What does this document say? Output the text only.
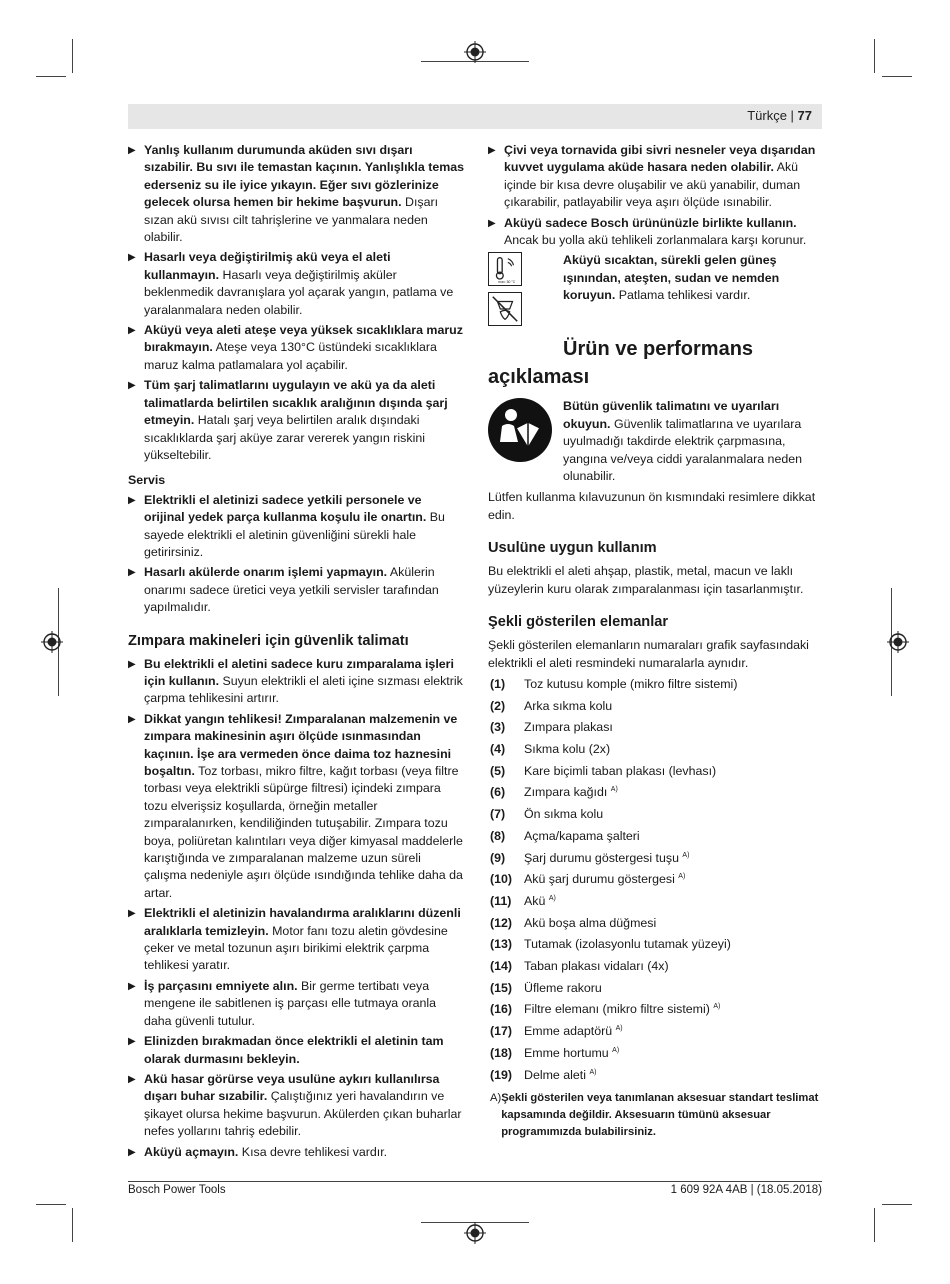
Türkçe | 77
▶ Yanlış kullanım durumunda aküden sıvı dışarı sızabilir. Bu sıvı ile temastan kaçının. Yanlışlıkla temas ederseniz su ile iyice yıkayın. Eğer sıvı gözlerinize gelecek olursa hemen bir hekime başvurun. Dışarı sızan akü sıvısı cilt tahrişlerine ve yanmalara neden olabilir.
▶ Hasarlı veya değiştirilmiş akü veya el aleti kullanmayın. Hasarlı veya değiştirilmiş aküler beklenmedik davranışlara yol açarak yangın, patlama ve yaralanmalara neden olabilir.
▶ Aküyü veya aleti ateşe veya yüksek sıcaklıklara maruz bırakmayın. Ateşe veya 130°C üstündeki sıcaklıklara maruz kalma patlamalara yol açabilir.
▶ Tüm şarj talimatlarını uygulayın ve akü ya da aleti talimatlarda belirtilen sıcaklık aralığının dışında şarj etmeyin. Hatalı şarj veya belirtilen aralık dışındaki sıcaklıklarda şarj aküye zarar vererek yangın riskini yükseltebilir.
Servis
▶ Elektrikli el aletinizi sadece yetkili personele ve orijinal yedek parça kullanma koşulu ile onartın. Bu sayede elektrikli el aletinin güvenliğini sürekli hale getirirsiniz.
▶ Hasarlı akülerde onarım işlemi yapmayın. Akülerin onarımı sadece üretici veya yetkili servisler tarafından yapılmalıdır.
Zımpara makineleri için güvenlik talimatı
▶ Bu elektrikli el aletini sadece kuru zımparalama işleri için kullanın. Suyun elektrikli el aleti içine sızması elektrik çarpma tehlikesini artırır.
▶ Dikkat yangın tehlikesi! Zımparalanan malzemenin ve zımpara makinesinin aşırı ölçüde ısınmasından kaçınıın. İşe ara vermeden önce daima toz haznesini boşaltın. Toz torbası, mikro filtre, kağıt torbası (veya filtre torbası veya elektrikli süpürge filtresi) içindeki zımpara tozu elverişsiz koşullarda, örneğin metaller zımparalanırken, kendiliğinden tutuşabilir. Zımpara tozu boya, poliüretan kalıntıları veya diğer kimyasal maddelerle karıştığında ve zımparalanan malzeme uzun süreli çalışma nedeniyle aşırı ölçüde ısındığında tehlike daha da artar.
▶ Elektrikli el aletinizin havalandırma aralıklarını düzenli aralıklarla temizleyin. Motor fanı tozu aletin gövdesine çeker ve metal tozunun aşırı birikimi elektrik çarpma tehlikesi yaratır.
▶ İş parçasını emniyete alın. Bir germe tertibatı veya mengene ile sabitlenen iş parçası elle tutmaya oranla daha güvenli tutulur.
▶ Elinizden bırakmadan önce elektrikli el aletinin tam olarak durmasını bekleyin.
▶ Akü hasar görürse veya usulüne aykırı kullanılırsa dışarı buhar sızabilir. Çalıştığınız yeri havalandırın ve şikayet olursa hekime başvurun. Akülerden çıkan buharlar nefes yollarını tahriş edebilir.
▶ Aküyü açmayın. Kısa devre tehlikesi vardır.
▶ Çivi veya tornavida gibi sivri nesneler veya dışarıdan kuvvet uygulama aküde hasara neden olabilir. Akü içinde bir kısa devre oluşabilir ve akü yanabilir, duman çıkarabilir, patlayabilir veya aşırı ölçüde ısınabilir.
▶ Aküyü sadece Bosch ürününüzle birlikte kullanın. Ancak bu yolla akü tehlikeli zorlanmalara karşı korunur.
max. 50 °C
Aküyü sıcaktan, sürekli gelen güneş ışınından, ateşten, sudan ve nemden koruyun. Patlama tehlikesi vardır.
Ürün ve performans
açıklaması
Bütün güvenlik talimatını ve uyarıları okuyun. Güvenlik talimatlarına ve uyarılara uyulmadığı takdirde elektrik çarpmasına, yangına ve/veya ciddi yaralanmalara neden olunabilir.

Lütfen kullanma kılavuzunun ön kısmındaki resimlere dikkat edin.

Usulüne uygun kullanım

Bu elektrikli el aleti ahşap, plastik, metal, macun ve laklı yüzeylerin kuru olarak zımparalanması için tasarlanmıştır.

Şekli gösterilen elemanlar

Şekli gösterilen elemanların numaraları grafik sayfasındaki elektrikli el aleti resmindeki numaralarla aynıdır.

(1)	Toz kutusu komple (mikro filtre sistemi)
(2)	Arka sıkma kolu
(3)	Zımpara plakası
(4)	Sıkma kolu (2x)
(5)	Kare biçimli taban plakası (levhası)
(6)	Zımpara kağıdı $^{A)}$
(7)	Ön sıkma kolu
(8)	Açma/kapama şalteri
(9)	Şarj durumu göstergesi tuşu $^{A)}$
(10) Akü şarj durumu göstergesi $^{A)}$
(11)	Akü $^{A)}$
(12) Akü boşa alma düğmesi
(13) Tutamak (izolasyonlu tutamak yüzeyi)
(14) Taban plakası vidaları (4x)
(15) Üfleme rakoru
(16) Filtre elemanı (mikro filtre sistemi) $^{A)}$
(17) Emme adaptörü $^{A)}$
(18) Emme hortumu $^{A)}$
(19) Delme aleti $^{A)}$
A) Şekli gösterilen veya tanımlanan aksesuar standart teslimat kapsamında değildir. Aksesuarın tümünü aksesuar programımızda bulabilirsiniz.
Bosch Power Tools	1 609 92A 4AB | (18.05.2018)
